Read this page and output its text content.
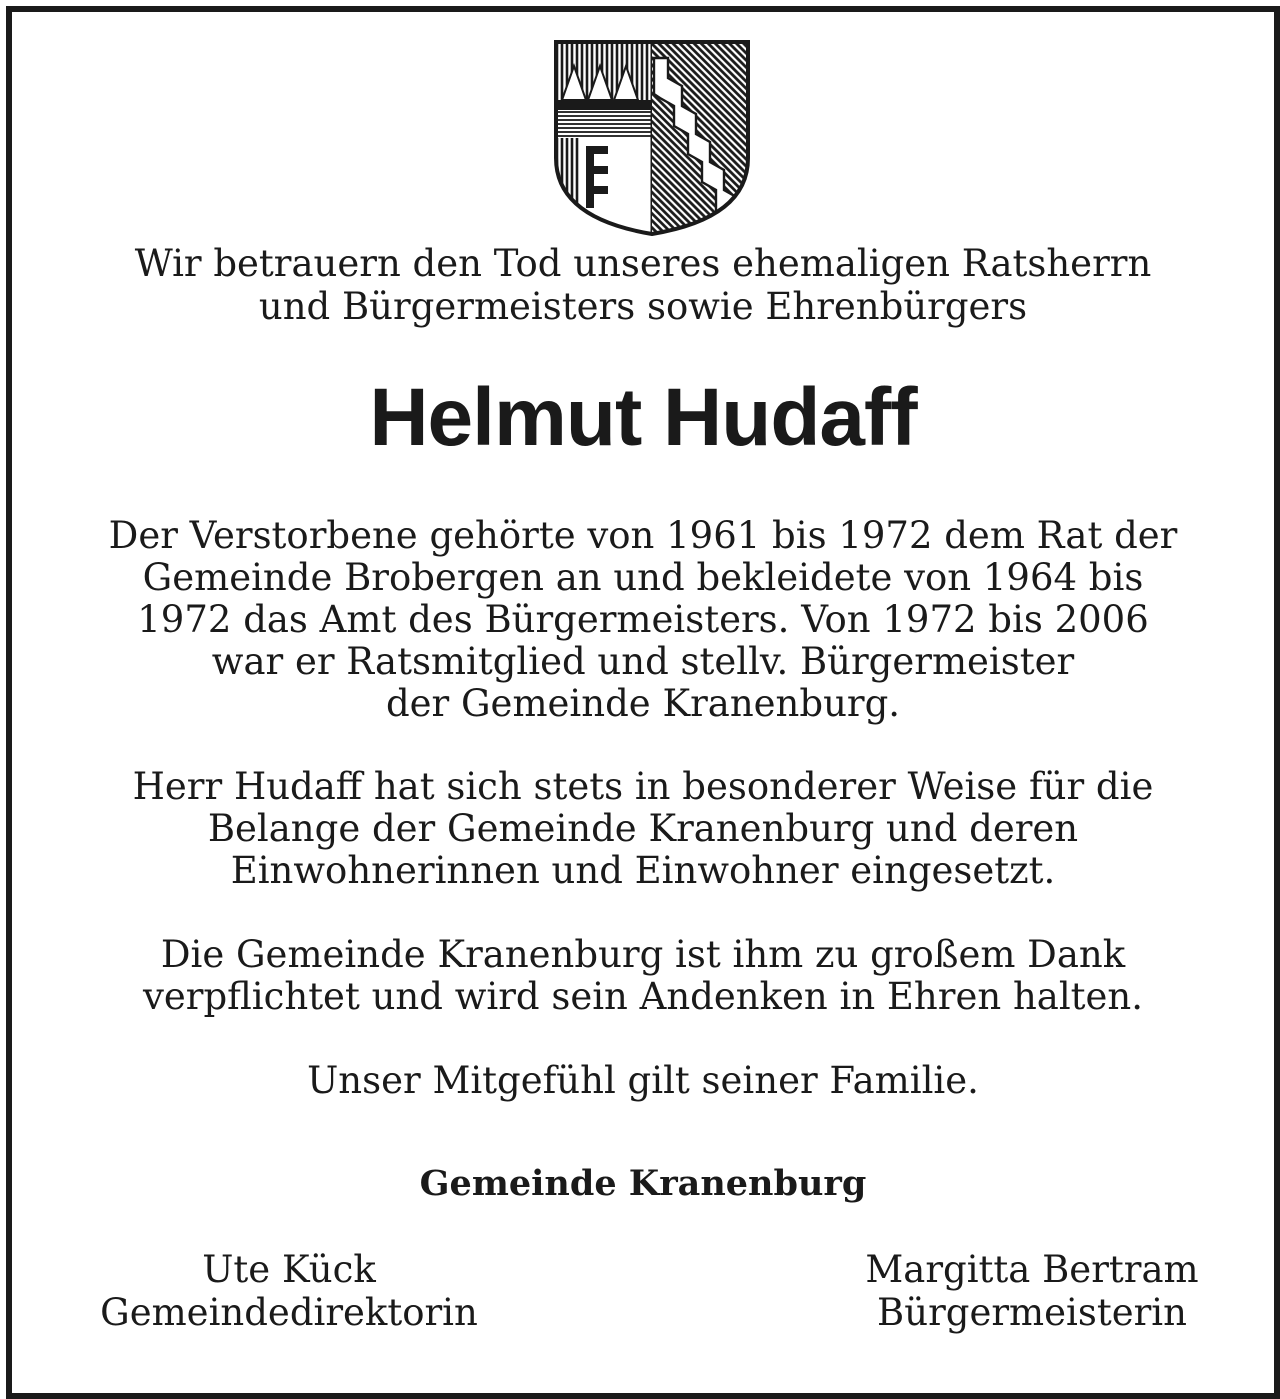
Wir betrauern den Tod unseres ehemaligen Ratsherrn
und Bürgermeisters sowie Ehrenbürgers
Helmut Hudaff
Der Verstorbene gehörte von 1961 bis 1972 dem Rat der
Gemeinde Brobergen an und bekleidete von 1964 bis
1972 das Amt des Bürgermeisters. Von 1972 bis 2006
war er Ratsmitglied und stellv. Bürgermeister
der Gemeinde Kranenburg.
Herr Hudaff hat sich stets in besonderer Weise für die
Belange der Gemeinde Kranenburg und deren
Einwohnerinnen und Einwohner eingesetzt.
Die Gemeinde Kranenburg ist ihm zu großem Dank
verpflichtet und wird sein Andenken in Ehren halten.
Unser Mitgefühl gilt seiner Familie.
Gemeinde Kranenburg
Ute Kück
Gemeindedirektorin
Margitta Bertram
Bürgermeisterin
